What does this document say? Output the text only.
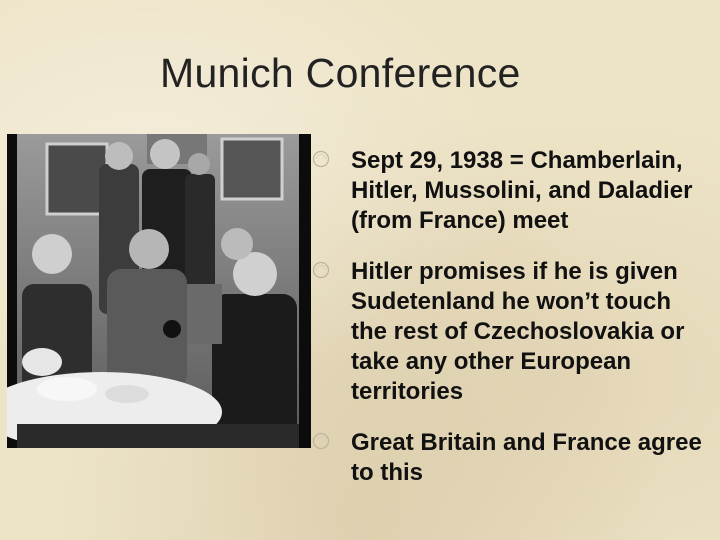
Munich Conference
Sept 29, 1938 = Chamberlain, Hitler, Mussolini, and Daladier (from France) meet
Hitler promises if he is given Sudetenland he won’t touch the rest of Czechoslovakia or take any other European territories
Great Britain and France agree to this
